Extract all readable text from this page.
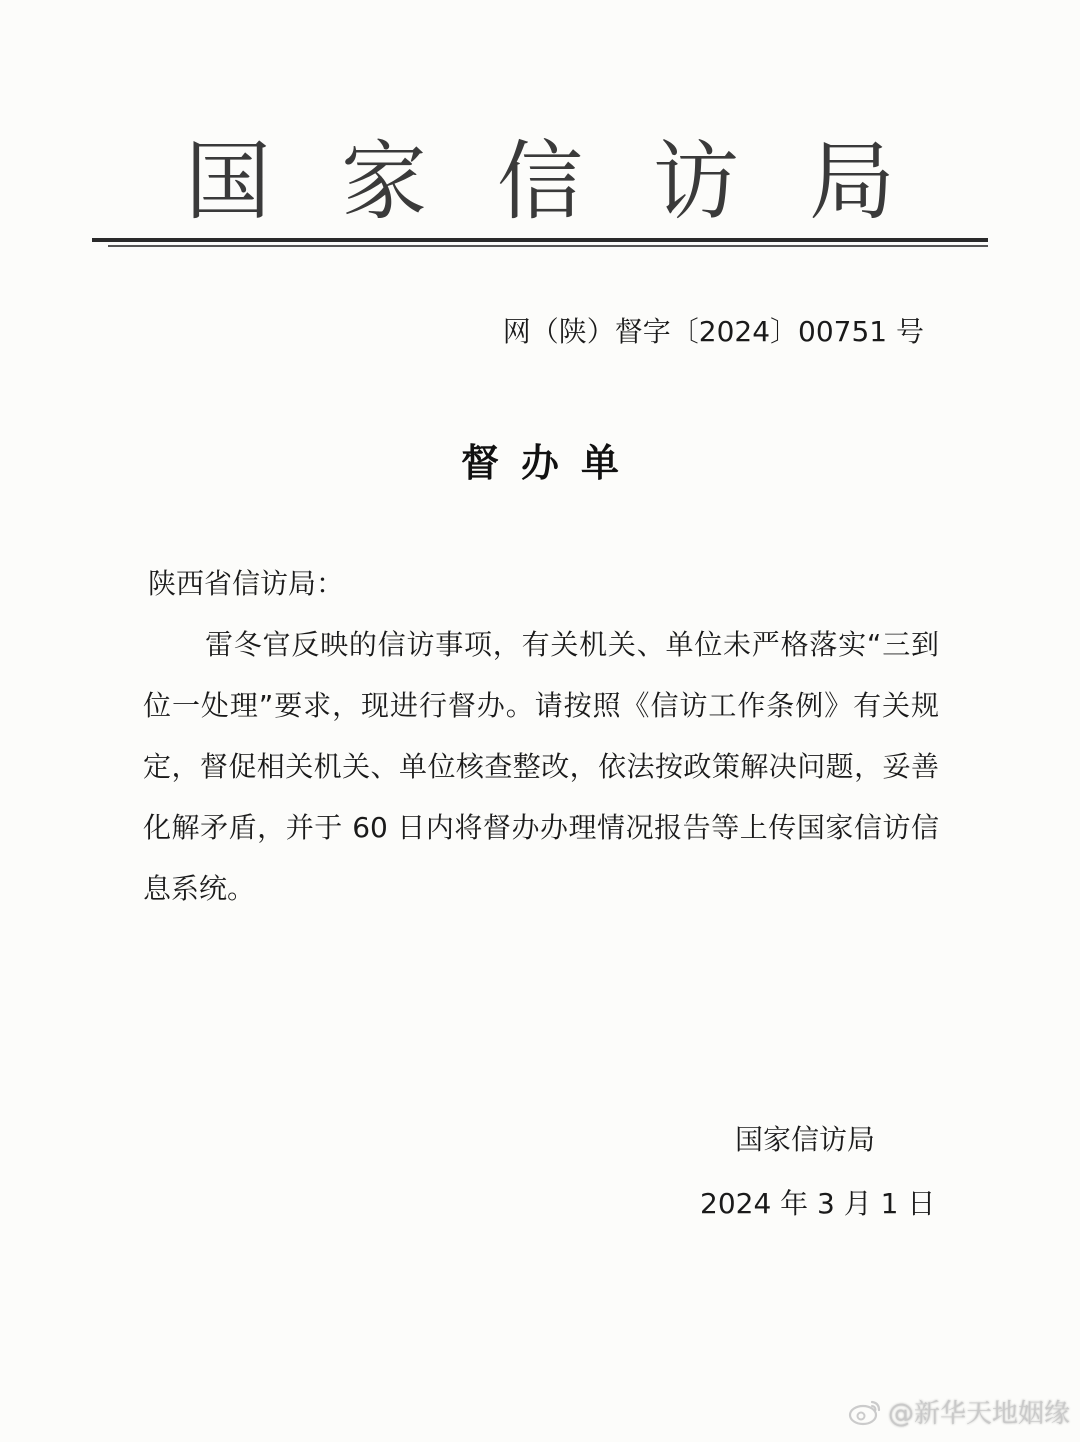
国 家 信 访 局
网（陕）督字〔2024〕00751 号
督办单
陕西省信访局：
雷冬官反映的信访事项，有关机关、单位未严格落实“三到位一处理”要求，现进行督办。请按照《信访工作条例》有关规定，督促相关机关、单位核查整改，依法按政策解决问题，妥善化解矛盾，并于 60 日内将督办办理情况报告等上传国家信访信息系统。
国家信访局
2024 年 3 月 1 日
@新华天地姻缘
